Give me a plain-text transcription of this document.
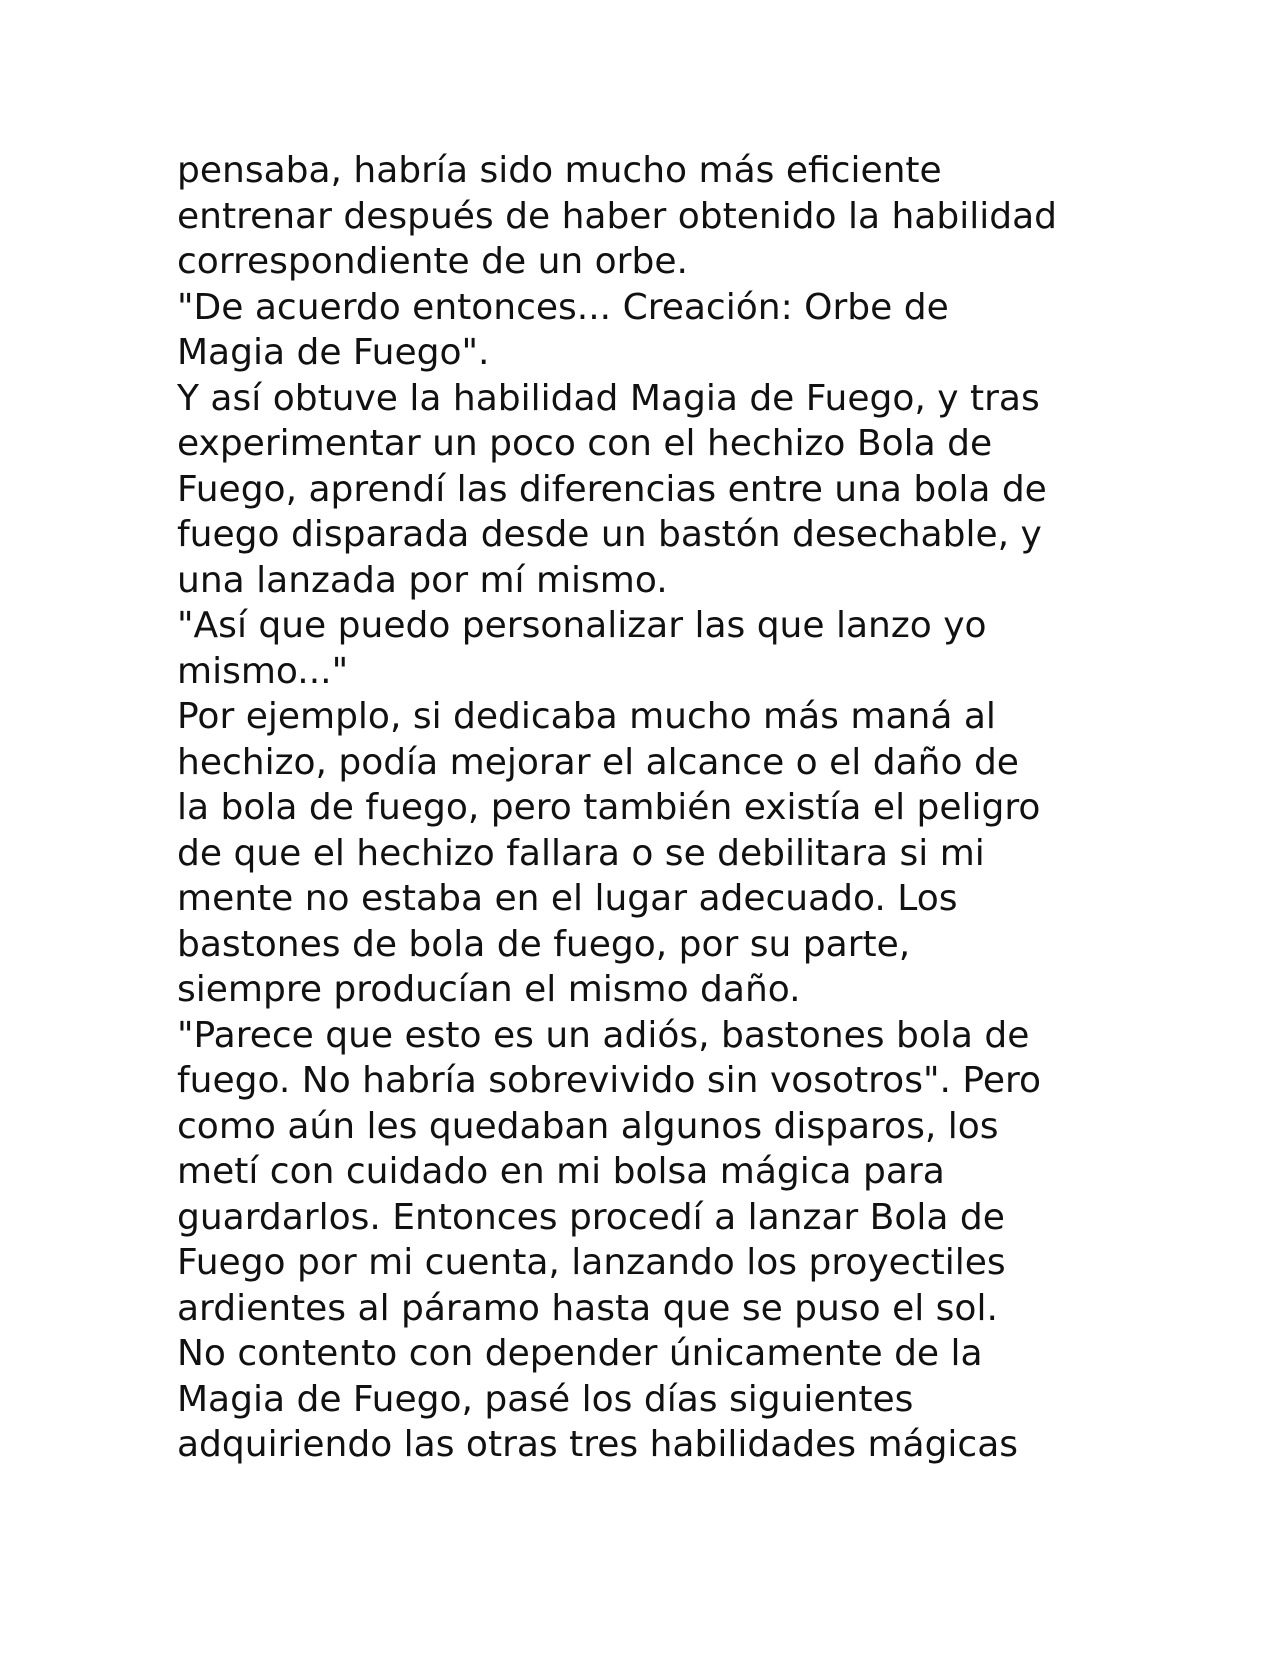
pensaba, habría sido mucho más eficiente
entrenar después de haber obtenido la habilidad
correspondiente de un orbe.
"De acuerdo entonces... Creación: Orbe de
Magia de Fuego".
Y así obtuve la habilidad Magia de Fuego, y tras
experimentar un poco con el hechizo Bola de
Fuego, aprendí las diferencias entre una bola de
fuego disparada desde un bastón desechable, y
una lanzada por mí mismo.
"Así que puedo personalizar las que lanzo yo
mismo..."
Por ejemplo, si dedicaba mucho más maná al
hechizo, podía mejorar el alcance o el daño de
la bola de fuego, pero también existía el peligro
de que el hechizo fallara o se debilitara si mi
mente no estaba en el lugar adecuado. Los
bastones de bola de fuego, por su parte,
siempre producían el mismo daño.
"Parece que esto es un adiós, bastones bola de
fuego. No habría sobrevivido sin vosotros". Pero
como aún les quedaban algunos disparos, los
metí con cuidado en mi bolsa mágica para
guardarlos. Entonces procedí a lanzar Bola de
Fuego por mi cuenta, lanzando los proyectiles
ardientes al páramo hasta que se puso el sol.
No contento con depender únicamente de la
Magia de Fuego, pasé los días siguientes
adquiriendo las otras tres habilidades mágicas
